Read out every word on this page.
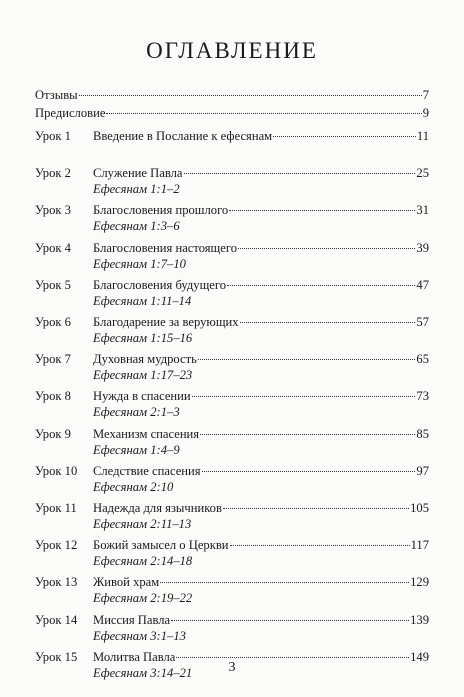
ОГЛАВЛЕНИЕ
Отзывы	7
Предисловие	9
Урок 1	Введение в Послание к ефесянам	11
Урок 2	Служение Павла	25
Ефесянам 1:1–2
Урок 3	Благословения прошлого	31
Ефесянам 1:3–6
Урок 4	Благословения настоящего	39
Ефесянам 1:7–10
Урок 5	Благословения будущего	47
Ефесянам 1:11–14
Урок 6	Благодарение за верующих	57
Ефесянам 1:15–16
Урок 7	Духовная мудрость	65
Ефесянам 1:17–23
Урок 8	Нужда в спасении	73
Ефесянам 2:1–3
Урок 9	Механизм спасения	85
Ефесянам 1:4–9
Урок 10	Следствие спасения	97
Ефесянам 2:10
Урок 11	Надежда для язычников	105
Ефесянам 2:11–13
Урок 12	Божий замысел о Церкви	117
Ефесянам 2:14–18
Урок 13	Живой храм	129
Ефесянам 2:19–22
Урок 14	Миссия Павла	139
Ефесянам 3:1–13
Урок 15	Молитва Павла	149
Ефесянам 3:14–21	3
